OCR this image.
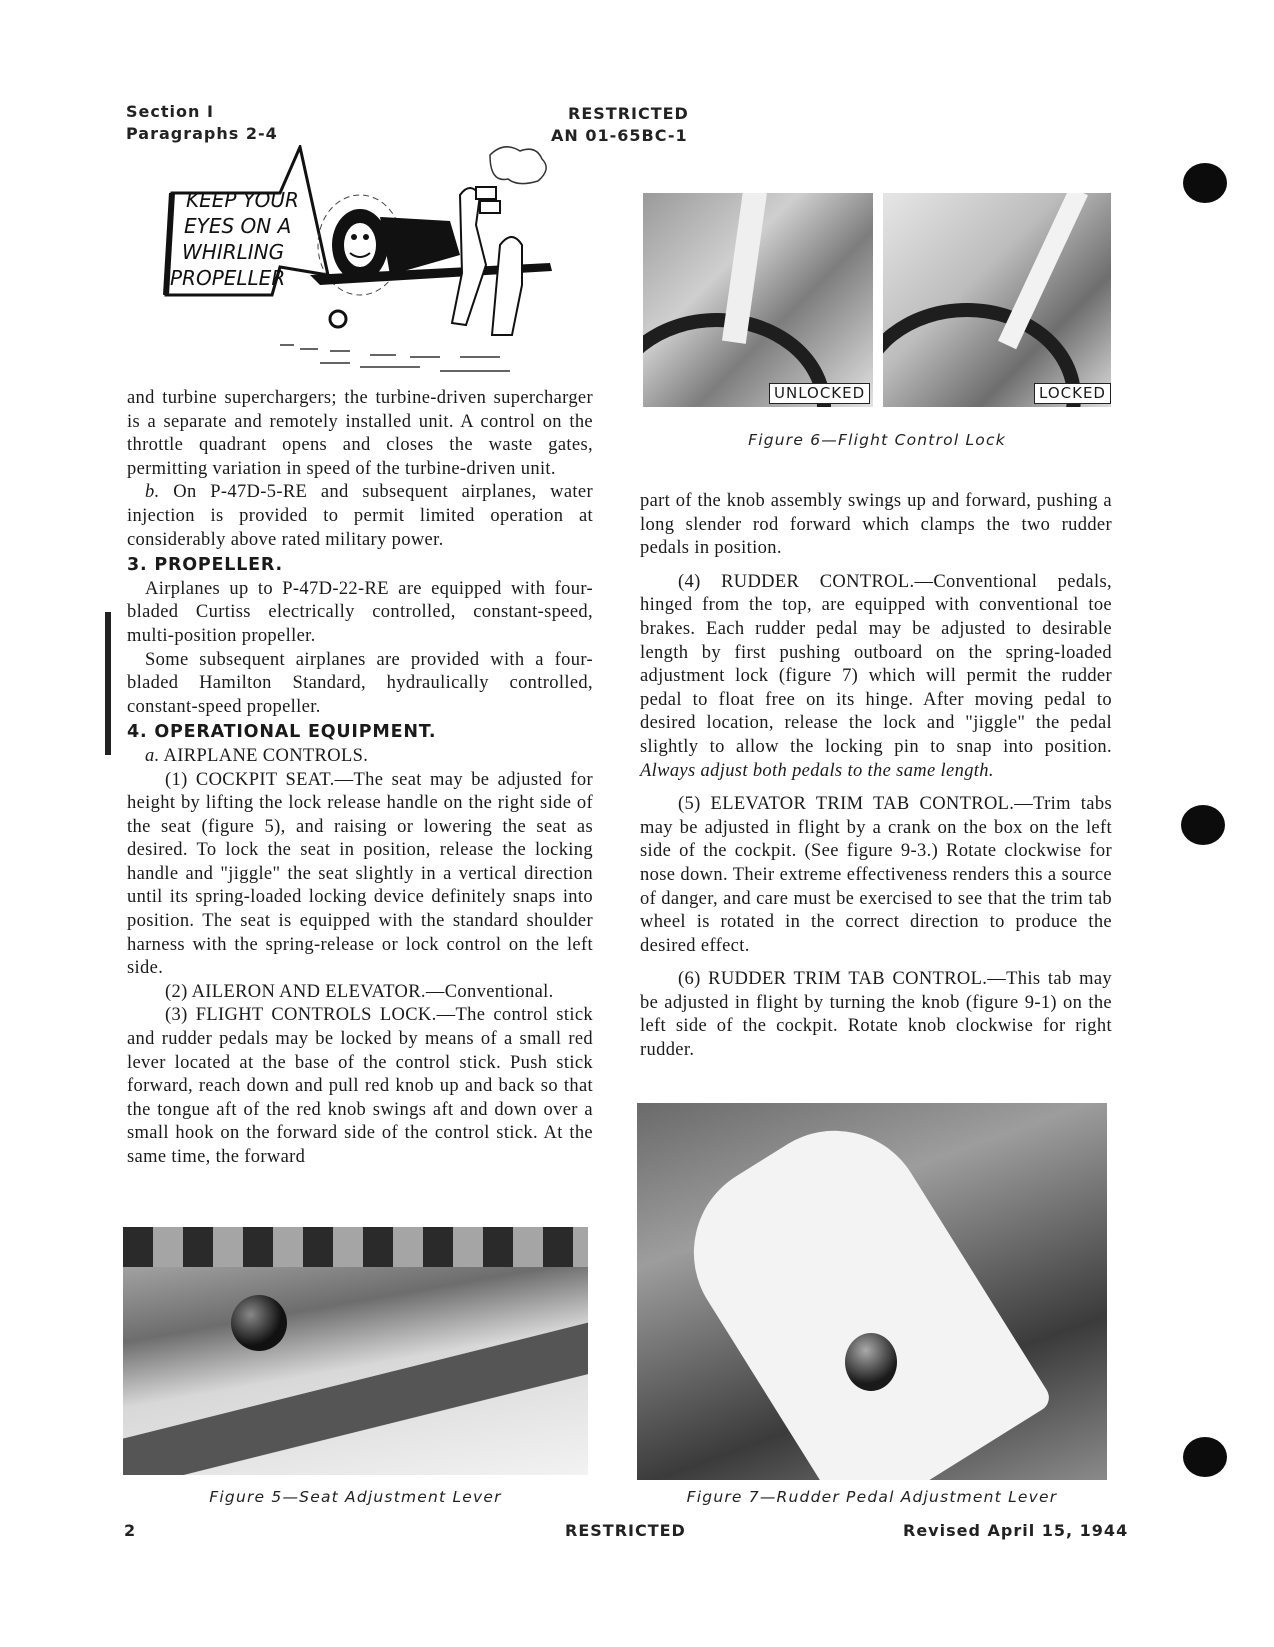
Section I
Paragraphs 2-4
RESTRICTED
AN 01-65BC-1
KEEP YOUR
EYES ON A
WHIRLING
PROPELLER

and turbine superchargers; the turbine-driven supercharger is a separate and remotely installed unit. A control on the throttle quadrant opens and closes the waste gates, permitting variation in speed of the turbine-driven unit.

b. On P-47D-5-RE and subsequent airplanes, water injection is provided to permit limited operation at considerably above rated military power.

3. PROPELLER.

Airplanes up to P-47D-22-RE are equipped with four-bladed Curtiss electrically controlled, constant-speed, multi-position propeller.

Some subsequent airplanes are provided with a four-bladed Hamilton Standard, hydraulically controlled, constant-speed propeller.

4. OPERATIONAL EQUIPMENT.

a. AIRPLANE CONTROLS.

(1) COCKPIT SEAT.—The seat may be adjusted for height by lifting the lock release handle on the right side of the seat (figure 5), and raising or lowering the seat as desired. To lock the seat in position, release the locking handle and "jiggle" the seat slightly in a vertical direction until its spring-loaded locking device definitely snaps into position. The seat is equipped with the standard shoulder harness with the spring-release or lock control on the left side.

(2) AILERON AND ELEVATOR.—Conventional.

(3) FLIGHT CONTROLS LOCK.—The control stick and rudder pedals may be locked by means of a small red lever located at the base of the control stick. Push stick forward, reach down and pull red knob up and back so that the tongue aft of the red knob swings aft and down over a small hook on the forward side of the control stick. At the same time, the forward

UNLOCKED	LOCKED
Figure 6—Flight Control Lock

part of the knob assembly swings up and forward, pushing a long slender rod forward which clamps the two rudder pedals in position.

(4) RUDDER CONTROL.—Conventional pedals, hinged from the top, are equipped with conventional toe brakes. Each rudder pedal may be adjusted to desirable length by first pushing outboard on the spring-loaded adjustment lock (figure 7) which will permit the rudder pedal to float free on its hinge. After moving pedal to desired location, release the lock and "jiggle" the pedal slightly to allow the locking pin to snap into position. Always adjust both pedals to the same length.

(5) ELEVATOR TRIM TAB CONTROL.—Trim tabs may be adjusted in flight by a crank on the box on the left side of the cockpit. (See figure 9-3.) Rotate clockwise for nose down. Their extreme effectiveness renders this a source of danger, and care must be exercised to see that the trim tab wheel is rotated in the correct direction to produce the desired effect.

(6) RUDDER TRIM TAB CONTROL.—This tab may be adjusted in flight by turning the knob (figure 9-1) on the left side of the cockpit. Rotate knob clockwise for right rudder.

Figure 5—Seat Adjustment Lever	Figure 7—Rudder Pedal Adjustment Lever
2	RESTRICTED	Revised April 15, 1944
